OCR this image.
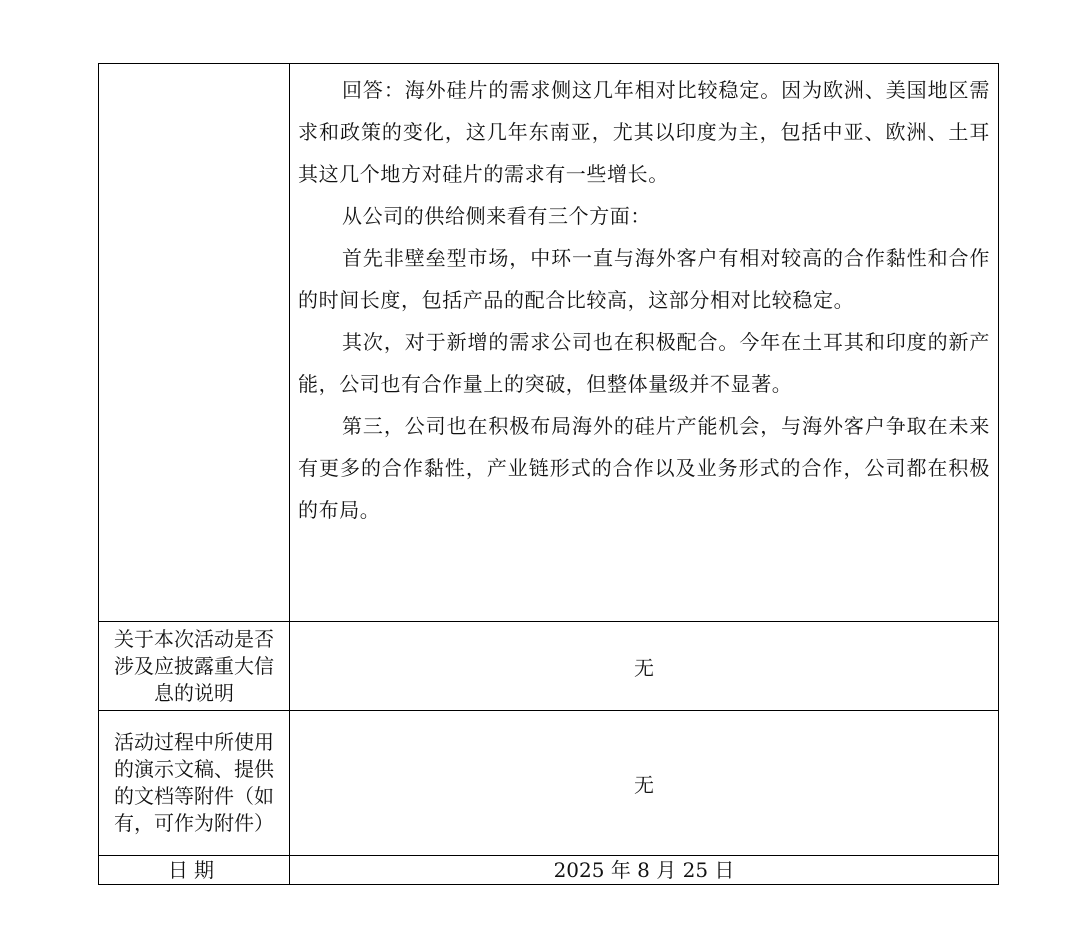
	回答：海外硅片的需求侧这几年相对比较稳定。因为欧洲、美国地区需求和政策的变化，这几年东南亚，尤其以印度为主，包括中亚、欧洲、土耳其这几个地方对硅片的需求有一些增长。

从公司的供给侧来看有三个方面：

首先非壁垒型市场，中环一直与海外客户有相对较高的合作黏性和合作的时间长度，包括产品的配合比较高，这部分相对比较稳定。

其次，对于新增的需求公司也在积极配合。今年在土耳其和印度的新产能，公司也有合作量上的突破，但整体量级并不显著。

第三，公司也在积极布局海外的硅片产能机会，与海外客户争取在未来有更多的合作黏性，产业链形式的合作以及业务形式的合作，公司都在积极的布局。

关于本次活动是否涉及应披露重大信息的说明	无
活动过程中所使用的演示文稿、提供的文档等附件（如有，可作为附件）	无
日期	2025 年 8 月 25 日
